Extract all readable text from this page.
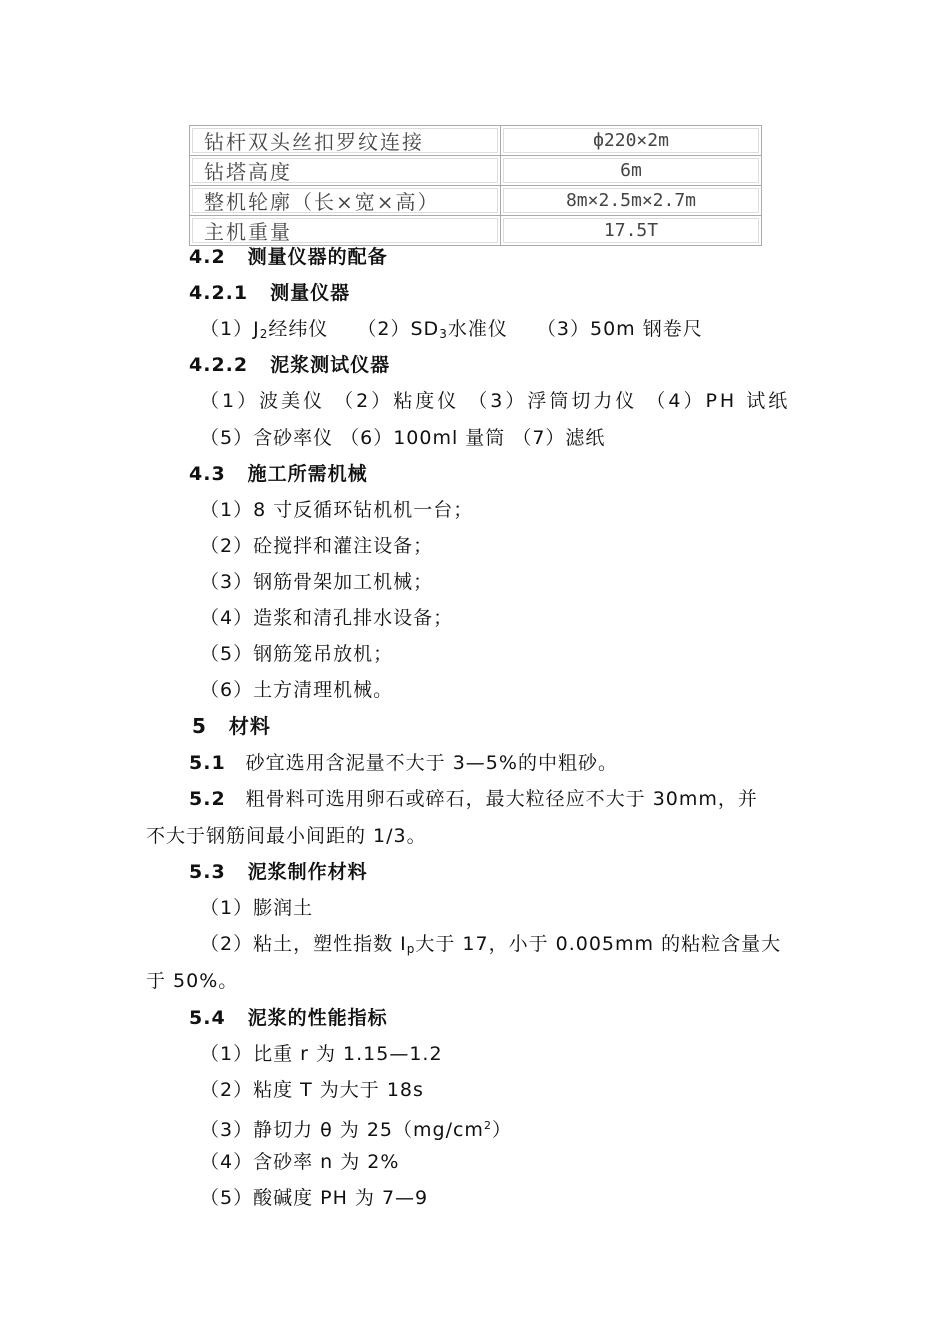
钻杆双头丝扣罗纹连接	ф220×2m
钻塔高度	6m
整机轮廓（长×宽×高）	8m×2.5m×2.7m
主机重量	17.5T
4.2 测量仪器的配备
4.2.1 测量仪器
$(1)J_2$经纬仪 $(2)SD_3$水准仪 （3）50m 钢卷尺
4.2.2 泥浆测试仪器
（1）波美仪 （2）粘度仪 （3）浮筒切力仪 （4）PH 试纸
（5）含砂率仪 （6）100ml 量筒 （7）滤纸
4.3 施工所需机械
（1）8 寸反循环钻机机一台；
（2）砼搅拌和灌注设备；
（3）钢筋骨架加工机械；
（4）造浆和清孔排水设备；
（5）钢筋笼吊放机；
（6）土方清理机械。
5 材料
5.1 砂宜选用含泥量不大于 3—5%的中粗砂。
5.2 粗骨料可选用卵石或碎石，最大粒径应不大于 30mm，并
不大于钢筋间最小间距的 1/3。
5.3 泥浆制作材料
（1）膨润土
（2）粘土，塑性指数 $I_p$大于 17，小于 0.005mm 的粘粒含量大
于 50%。
5.4 泥浆的性能指标
（1）比重 r 为 1.15—1.2
（2）粘度 T 为大于 18s
（3）静切力 θ 为 $25(mg/cm^2)$
（4）含砂率 n 为 2%
（5）酸碱度 PH 为 7—9
